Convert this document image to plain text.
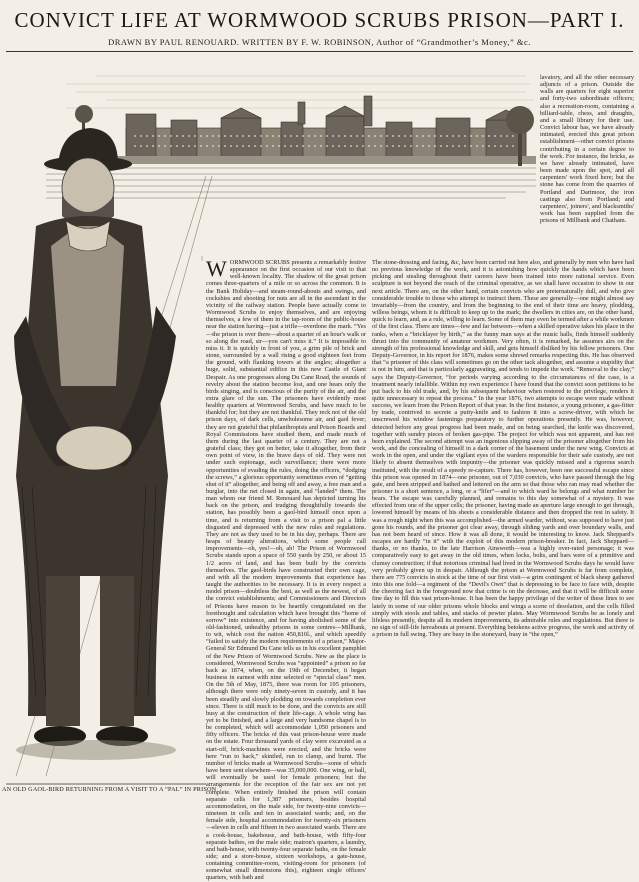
CONVICT LIFE AT WORMWOOD SCRUBS PRISON—PART I.
DRAWN BY PAUL RENOUARD. WRITTEN BY F. W. ROBINSON, Author of “Grandmother’s Money,” &c.

lavatory, and all the other necessary adjuncts of a prison. Outside the walls are quarters for eight superior and forty-two subordinate officers; also a recreation-room, containing a billiard-table, chess, and draughts, and a small library for their use. Convict labour has, we have already intimated, erected this great prison establishment—other convict prisons contributing in a certain degree to the work. For instance, the bricks, as we have already intimated, have been made upon the spot, and all carpenters' work fixed here; but the stone has come from the quarries of Portland and Dartmoor, the iron castings also from Portland; and carpenters', joiners', and blacksmiths' work has been supplied from the prisons of Millbank and Chatham.

W ORMWOOD SCRUBS presents a remarkably festive appearance on the first occasion of our visit to that well-known locality. The shadow of the great prison comes three-quarters of a mile or so across the common. It is the Bank Holiday—and steam-round-abouts and swings, and cockshies and shooting for nuts are all in the ascendant in the vicinity of the railway station. People have actually come to Wormwood Scrubs to enjoy themselves, and are enjoying themselves, a few of them in the tap-room of the public-house near the station having—just a trifle—overdone the mark. “Yes—the prison is over there—about a quarter of an hour's walk or so along the road, sir—you can't miss it.” It is impossible to miss it. It is quickly in front of you, a grim pile of brick and stone, surrounded by a wall rising a good eighteen feet from the ground, with flanking towers at the angles; altogether a huge, solid, substantial edifice in this new Castle of Giant Despair. As one progresses along Du Cane Road, the sounds of revelry about the station become lost, and one hears only the birds singing, and is conscious of the purity of the air, and the extra glare of the sun. The prisoners have evidently most healthy quarters at Wormwood Scrubs, and have much to be thankful for; but they are not thankful. They reck not of the old prison days, of dark cells, unwholesome air, and gaol fever; they are not grateful that philanthropists and Prison Boards and Royal Commissions have studied them, and made much of them during the last quarter of a century. They are not a grateful class; they got on better, take it altogether, from their own point of view, in the brave days of old. They were not under such espionage, such surveillance; there were more opportunities of evading the rules, doing the officers, “dodging the screws,” a glorious opportunity sometimes even of “getting shut of it” altogether, and being off and away, a free man and a burglar, into the net closed in again, and “landed” them. The man whom our friend M. Renouard has depicted turning his back on the prison, and trudging thoughtfully towards the station, has possibly been a gaol-bird himself once upon a time, and is returning from a visit to a prison pal a little disgusted and depressed with the new rules and regulations. They are not as they used to be in his day, perhaps. There are heaps of beauty alterations, which some people call improvements—oh, yes!—oh, ah! The Prison of Wormwood Scrubs stands upon a space of 550 yards by 250, or about 15 1/2 acres of land, and has been built by the convicts themselves. The gaol-birds have constructed their own cage, and with all the modern improvements that experience has taught the authorities to be necessary. It is in every respect a model prison—doubtless the best, as well as the newest, of all the convict establishments; and Commissioners and Directors of Prisons have reason to be heartily congratulated on the forethought and calculation which have brought this “home of sorrow” into existence, and for having abolished some of the old-fashioned, unhealthy prisons in some centres—Millbank, to wit, which cost the nation 450,810l., and which speedily “failed to satisfy the modern requirements of a prison,” Major-General Sir Edmund Du Cane tells us in his excellent pamphlet of the New Prison of Wormwood Scrubs. New as the place is considered, Wormwood Scrubs was “appointed” a prison so far back as 1874, when, on the 19th of December, it began business in earnest with nine selected or “special class” men. On the 5th of May, 1875, there was room for 195 prisoners, although there were only ninety-seven in custody, and it has been steadily and slowly plodding on towards completion ever since. There is still much to be done, and the convicts are still busy at the construction of their life-cage. A whole wing has yet to be finished, and a large and very handsome chapel is to be completed, which will accommodate 1,050 prisoners and fifty officers. The bricks of this vast prison-house were made on the estate. Four thousand yards of clay were excavated as a start-off, brick-machines were erected, and the bricks were here “run to hack,” skintled, run to clamp, and burnt. The number of bricks made at Wormwood Scrubs—some of which have been sent elsewhere—was 35,000,000. One wing, or hall, will eventually be used for female prisoners; but the arrangements for the reception of the fair sex are not yet complete. When entirely finished the prison will contain separate cells for 1,387 prisoners, besides hospital accommodation, on the male side, for twenty-nine convicts—nineteen in cells and ten in associated wards; and, on the female side, hospital accommodation for twenty-six prisoners—eleven in cells and fifteen in two associated wards. There are a cook-house, bakehouse, and bath-house, with fifty-four separate bathes, on the male side; matron's quarters, a laundry, and bath-house, with twenty-four separate baths, on the female side; and a store-house, sixteen workshops, a gate-house, containing committee-room, visiting-room for prisoners (of somewhat small dimensions this), eighteen single officers' quarters, with bath and

The stone-dressing and facing, &c, have been carried out here also, and generally by men who have had no previous knowledge of the work, and it is astonishing how quickly the hands which have been picking and stealing throughout their careers have been trained into more rational service. Even sculpture is not beyond the reach of the criminal operative, as we shall have occasion to show in our next article. There are, on the other hand, certain convicts who are preternaturally dull, and who give considerable trouble to those who attempt to instruct them. These are generally—one might almost say invariably—from the country, and from the beginning to the end of their time are heavy, plodding, willess beings, whom it is difficult to keep up to the mark; the dwellers in cities are, on the other hand, quick to learn, and, as a rule, willing to learn. Some of them may even be termed after a while workmen of the first class. There are times—few and far between—when a skilled operative takes his place in the ranks, when a “bricklayer by birth,” as the funny man says at the music halls, finds himself suddenly thrust into the community of amateur workmen. Very often, it is remarked, he assumes airs on the strength of his professional knowledge and skill, and gets himself disliked by his fellow prisoners. One Deputy-Governor, in his report for 1876, makes some shrewd remarks respecting this. He has observed that “a prisoner of this class will sometimes go on the other tack altogether, and assume a stupidity that is not in him, and that is particularly aggravating, and tends to impede the work. “Removal to the clay,” says the Deputy-Governor, “for periods varying according to the circumstances of the case, is a treatment nearly infallible. Within my own experience I have found that the convict soon petitions to be put back to his old trade, and, by his subsequent behaviour when restored to the privilege, renders it quite unnecessary to repeat the process.” In the year 1876, two attempts to escape were made without success, we learn from the Prison Report of that year. In the first instance, a young prisoner, a gas-fitter by trade, contrived to secrete a putty-knife and to fashion it into a screw-driver, with which he unscrewed his window fastenings preparatory to further operations presently. He was, however, detected before any great progress had been made, and on being searched, the knife was discovered, together with sundry pieces of broken gas-pipe. The project for which was not apparent, and has not been explained. The second attempt was an ingenious slipping away of the prisoner altogether from his work, and the concealing of himself in a dark corner of the basement under the new wing. Convicts at work in the open, and under the vigilant eyes of the warders responsible for their safe custody, are not likely to absent themselves with impunity—the prisoner was quickly missed and a rigorous search instituted, with the result of a speedy re-capture. There has, however, been one successful escape since this prison was opened in 1874—one prisoner, out of 7,030 convicts, who have passed through the big gate, and been stripped and bathed and lettered on the arm so that those who ran may read whether the prisoner is a short sentence, a long, or a “lifer”—and to which ward he belongs and what number he bears. The escape was carefully planned, and remains to this day somewhat of a mystery. It was effected from one of the upper cells; the prisoner, having made an aperture large enough to get through, lowered himself by means of his sheets a considerable distance and then dropped the rest in safety. It was a rough night when this was accomplished—the armed warder, without, was supposed to have just gone his rounds, and the prisoner got clear away, through sliding yards and over boundary walls, and has not been heard of since. How it was all done, it would be interesting to know. Jack Sheppard's escapes are hardly “in it” with the exploit of this modern prison-breaker. In fact, Jack Sheppard—thanks, or no thanks, to the late Harrison Ainsworth—was a highly over-rated personage; it was comparatively easy to get away in the old times, when locks, bolts, and bars were of a primitive and clumsy construction; if that notorious criminal had lived in the Wormwood Scrubs days he would have very probably given up in despair. Although the prison at Wormwood Scrubs is far from complete, there are 775 convicts in stock at the time of our first visit—a grim contingent of black sheep gathered into this one fold—a regiment of the “Devil's Own” that is depressing to be face to face with, despite the cheering fact in the foreground now that crime is on the decrease, and that it will be difficult some fine day to fill this vast prison-house. It has been the happy privilege of the writer of these lines to see lately in some of our older prisons whole blocks and wings a scene of desolation, and the cells filled simply with stools and tables, and stacks of pewter plates. May Wormwood Scrubs be as lonely and lifeless presently, despite all its modern improvements, its admirable rules and regulations. But there is no sign of still-life hereabouts at present. Everything betokens active progress, the work and activity of a prison in full swing. They are busy in the stoneyard, busy in “the open,”

AN OLD GAOL-BIRD RETURNING FROM A VISIT TO A “PAL” IN PRISON
